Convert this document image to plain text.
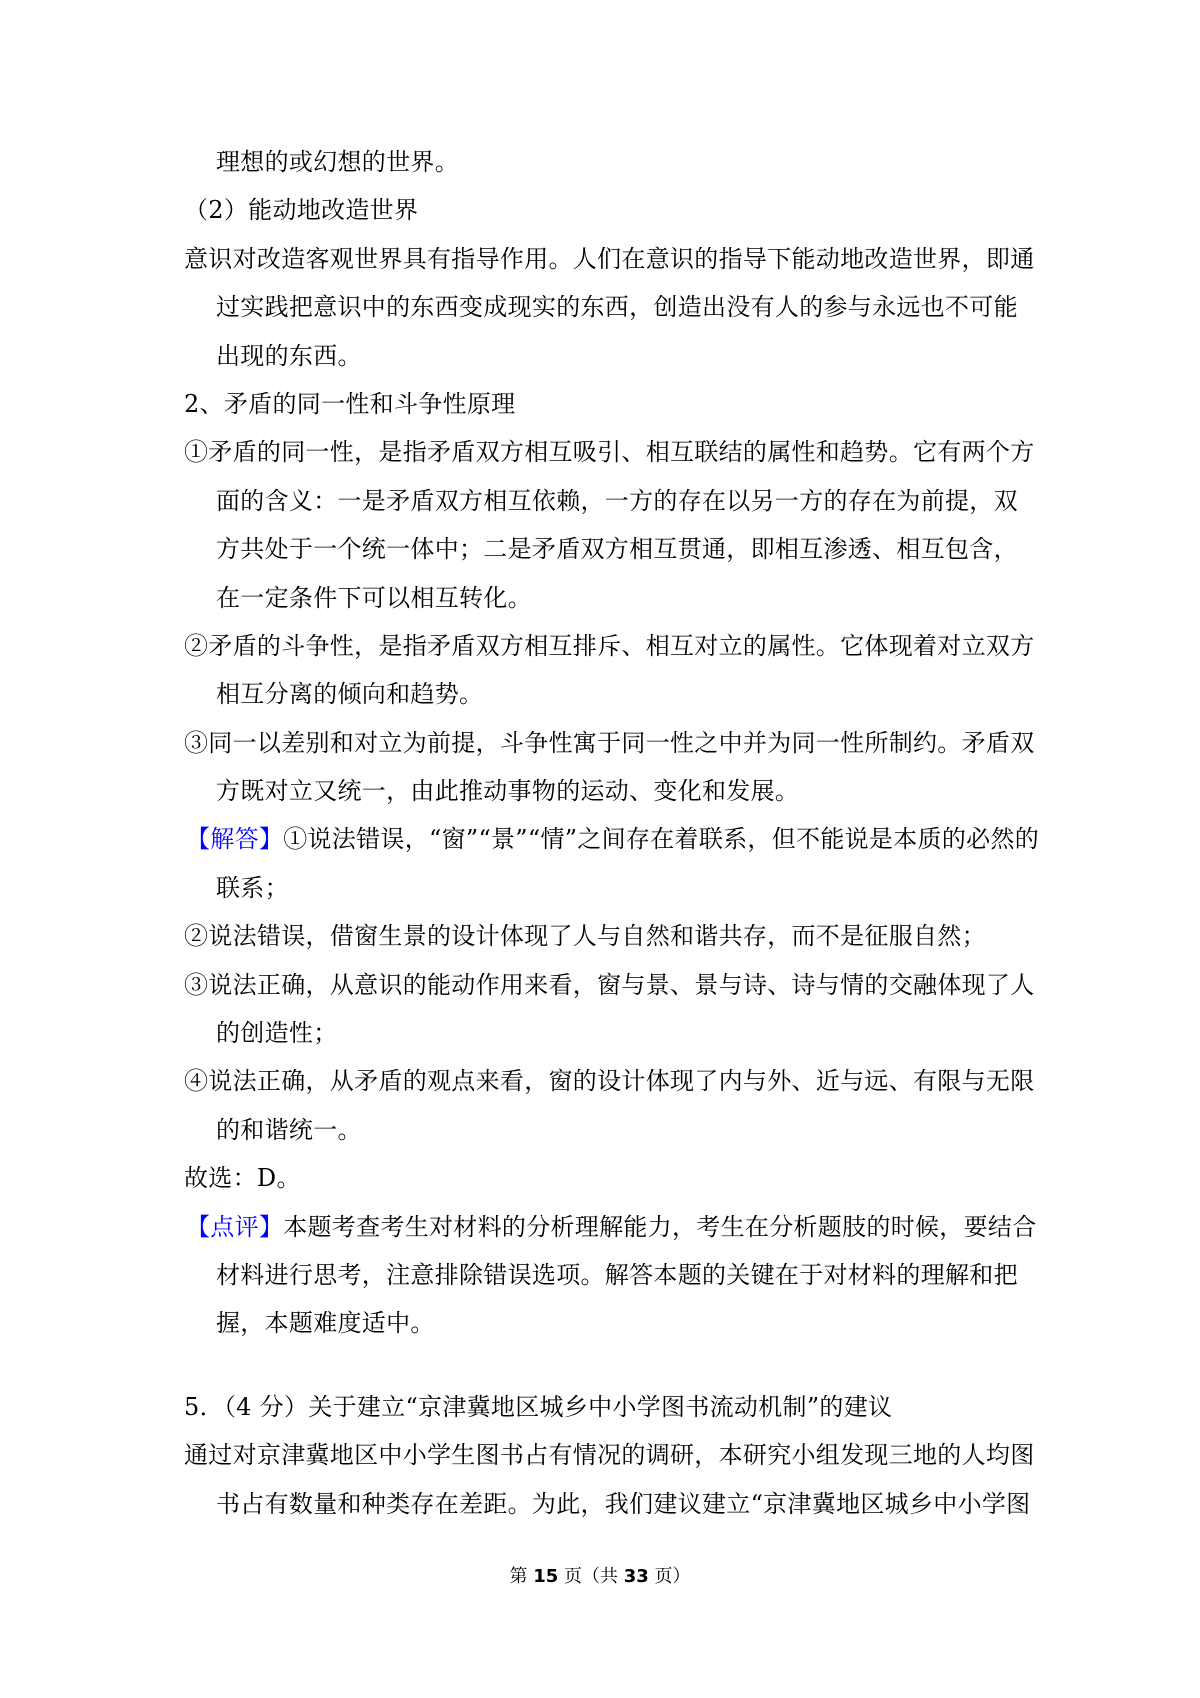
理想的或幻想的世界。
（2）能动地改造世界
意识对改造客观世界具有指导作用。人们在意识的指导下能动地改造世界，即通
过实践把意识中的东西变成现实的东西，创造出没有人的参与永远也不可能
出现的东西。
2、矛盾的同一性和斗争性原理
①矛盾的同一性，是指矛盾双方相互吸引、相互联结的属性和趋势。它有两个方
面的含义：一是矛盾双方相互依赖，一方的存在以另一方的存在为前提，双
方共处于一个统一体中；二是矛盾双方相互贯通，即相互渗透、相互包含，
在一定条件下可以相互转化。
②矛盾的斗争性，是指矛盾双方相互排斥、相互对立的属性。它体现着对立双方
相互分离的倾向和趋势。
③同一以差别和对立为前提，斗争性寓于同一性之中并为同一性所制约。矛盾双
方既对立又统一，由此推动事物的运动、变化和发展。
【解答】①说法错误，“窗”“景”“情”之间存在着联系，但不能说是本质的必然的
联系；
②说法错误，借窗生景的设计体现了人与自然和谐共存，而不是征服自然；
③说法正确，从意识的能动作用来看，窗与景、景与诗、诗与情的交融体现了人
的创造性；
④说法正确，从矛盾的观点来看，窗的设计体现了内与外、近与远、有限与无限
的和谐统一。
故选：D。
【点评】本题考查考生对材料的分析理解能力，考生在分析题肢的时候，要结合
材料进行思考，注意排除错误选项。解答本题的关键在于对材料的理解和把
握，本题难度适中。
5．（4 分）关于建立“京津冀地区城乡中小学图书流动机制”的建议
通过对京津冀地区中小学生图书占有情况的调研，本研究小组发现三地的人均图
书占有数量和种类存在差距。为此，我们建议建立“京津冀地区城乡中小学图
第 15 页（共 33 页）
